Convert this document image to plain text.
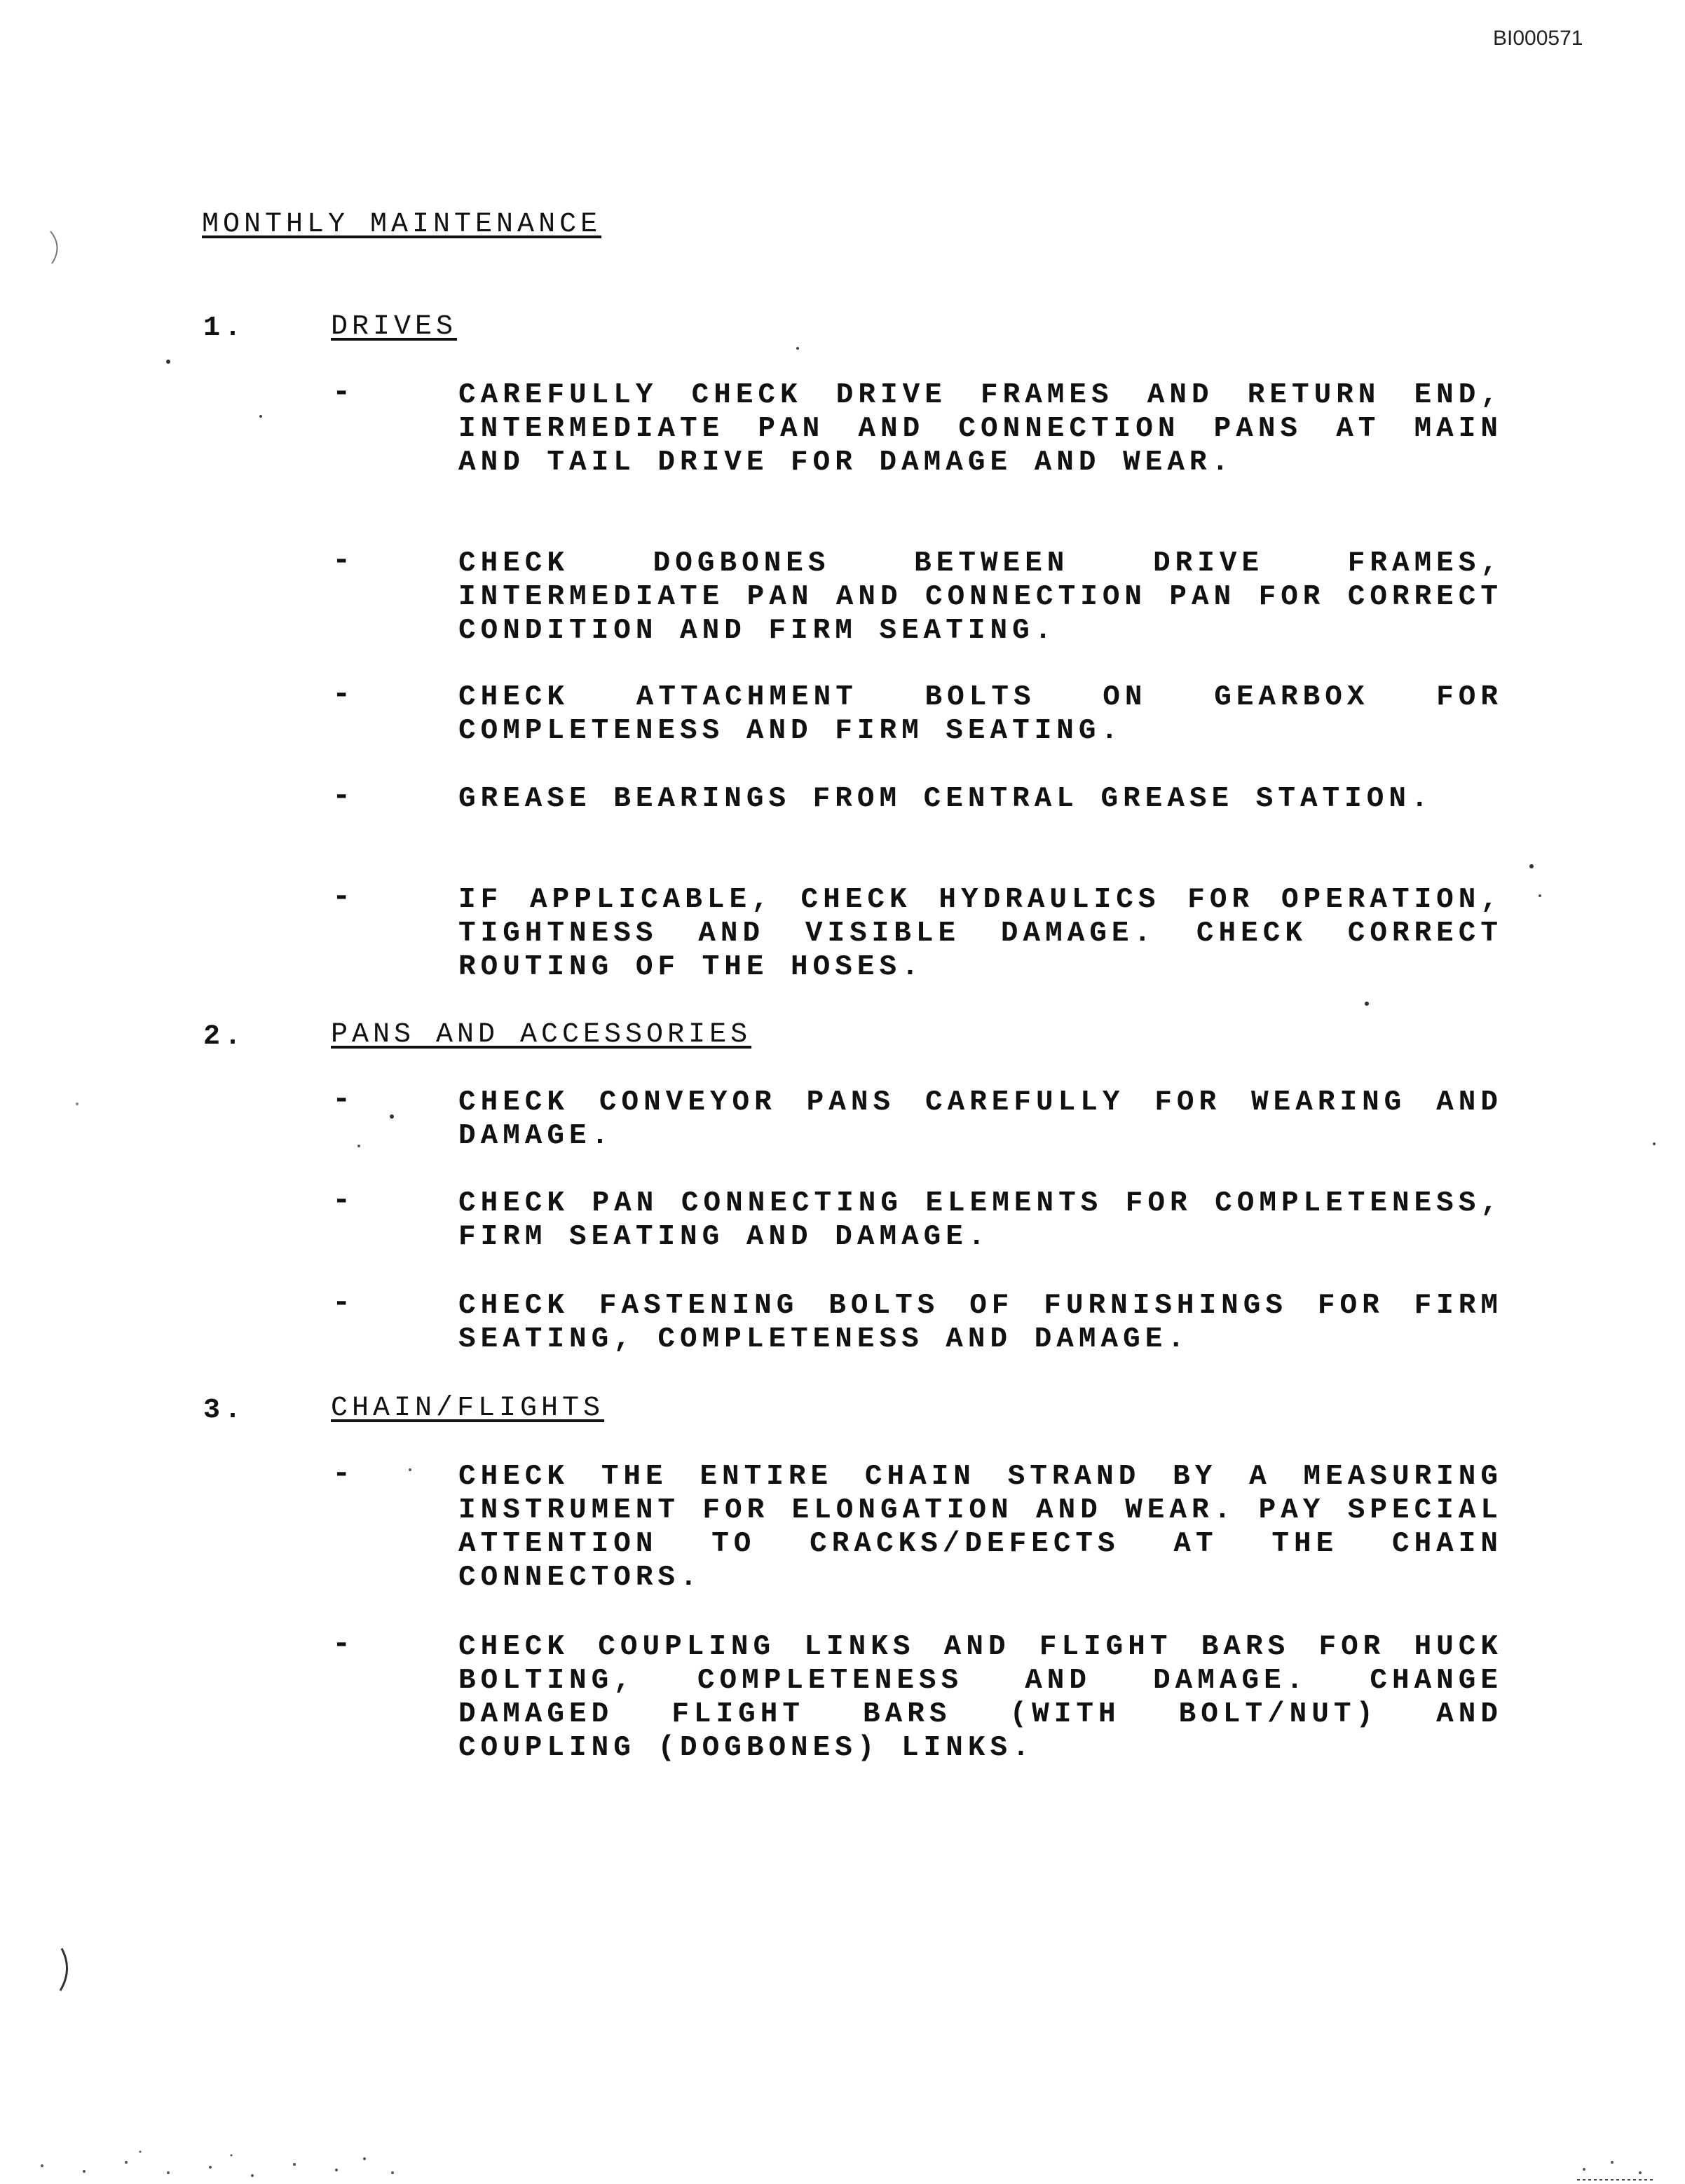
BI000571
MONTHLY MAINTENANCE
1.	DRIVES
-	CAREFULLY CHECK DRIVE FRAMES AND RETURN END, INTERMEDIATE PAN AND CONNECTION PANS AT MAIN AND TAIL DRIVE FOR DAMAGE AND WEAR.
-	CHECK DOGBONES BETWEEN DRIVE FRAMES, INTERMEDIATE PAN AND CONNECTION PAN FOR CORRECT CONDITION AND FIRM SEATING.
-	CHECK ATTACHMENT BOLTS ON GEARBOX FOR COMPLETENESS AND FIRM SEATING.
-	GREASE BEARINGS FROM CENTRAL GREASE STATION.
-	IF APPLICABLE, CHECK HYDRAULICS FOR OPERATION, TIGHTNESS AND VISIBLE DAMAGE. CHECK CORRECT ROUTING OF THE HOSES.
2.	PANS AND ACCESSORIES
-	CHECK CONVEYOR PANS CAREFULLY FOR WEARING AND DAMAGE.
-	CHECK PAN CONNECTING ELEMENTS FOR COMPLETENESS, FIRM SEATING AND DAMAGE.
-	CHECK FASTENING BOLTS OF FURNISHINGS FOR FIRM SEATING, COMPLETENESS AND DAMAGE.
3.	CHAIN/FLIGHTS
-	CHECK THE ENTIRE CHAIN STRAND BY A MEASURING INSTRUMENT FOR ELONGATION AND WEAR. PAY SPECIAL ATTENTION TO CRACKS/DEFECTS AT THE CHAIN CONNECTORS.
-	CHECK COUPLING LINKS AND FLIGHT BARS FOR HUCK BOLTING, COMPLETENESS AND DAMAGE. CHANGE DAMAGED FLIGHT BARS (WITH BOLT/NUT) AND COUPLING (DOGBONES) LINKS.
